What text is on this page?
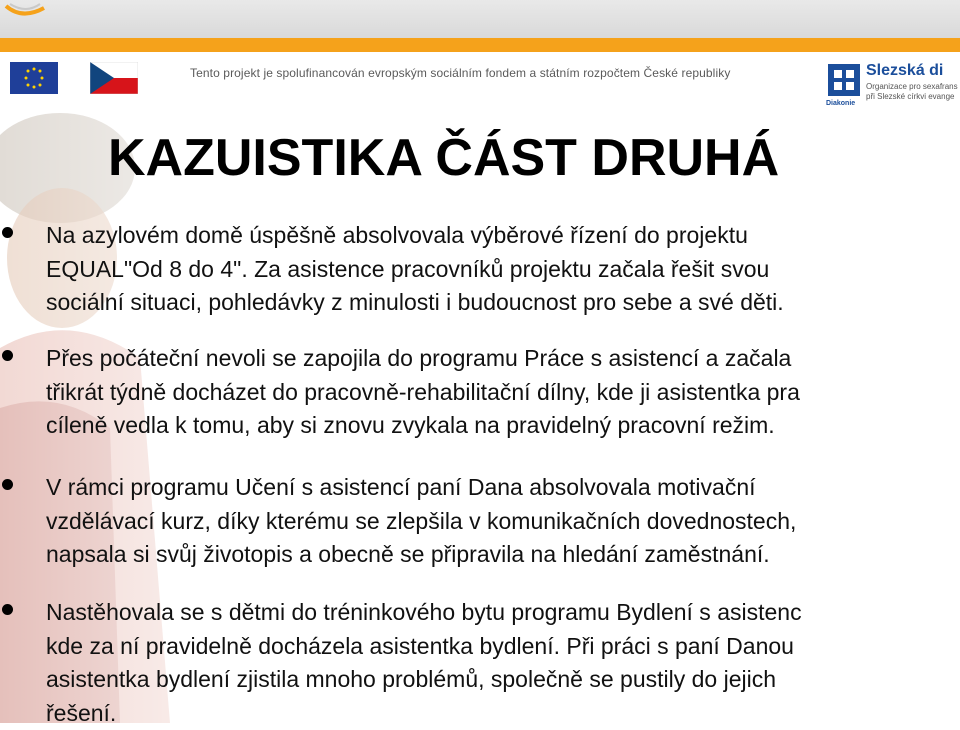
Tento projekt je spolufinancován evropským sociálním fondem a státním rozpočtem České republiky	Slezská di
Organizace pro sexafrans
při Slezské církvi evange
Diakonie
KAZUISTIKA ČÁST DRUHÁ
Na azylovém domě úspěšně absolvovala výběrové řízení do projektu
EQUAL"Od 8 do 4". Za asistence pracovníků projektu začala řešit svou
sociální situaci, pohledávky z minulosti i budoucnost pro sebe a své děti.
Přes počáteční nevoli se zapojila do programu Práce s asistencí a začala
třikrát týdně docházet do pracovně-rehabilitační dílny, kde ji asistentka pra
cíleně vedla k tomu, aby si znovu zvykala na pravidelný pracovní režim.
V rámci programu Učení s asistencí paní Dana absolvovala motivační
vzdělávací kurz, díky kterému se zlepšila v komunikačních dovednostech,
napsala si svůj životopis a obecně se připravila na hledání zaměstnání.
Nastěhovala se s dětmi do tréninkového bytu programu Bydlení s asistenc
kde za ní pravidelně docházela asistentka bydlení. Při práci s paní Danou
asistentka bydlení zjistila mnoho problémů, společně se pustily do jejich
řešení.
